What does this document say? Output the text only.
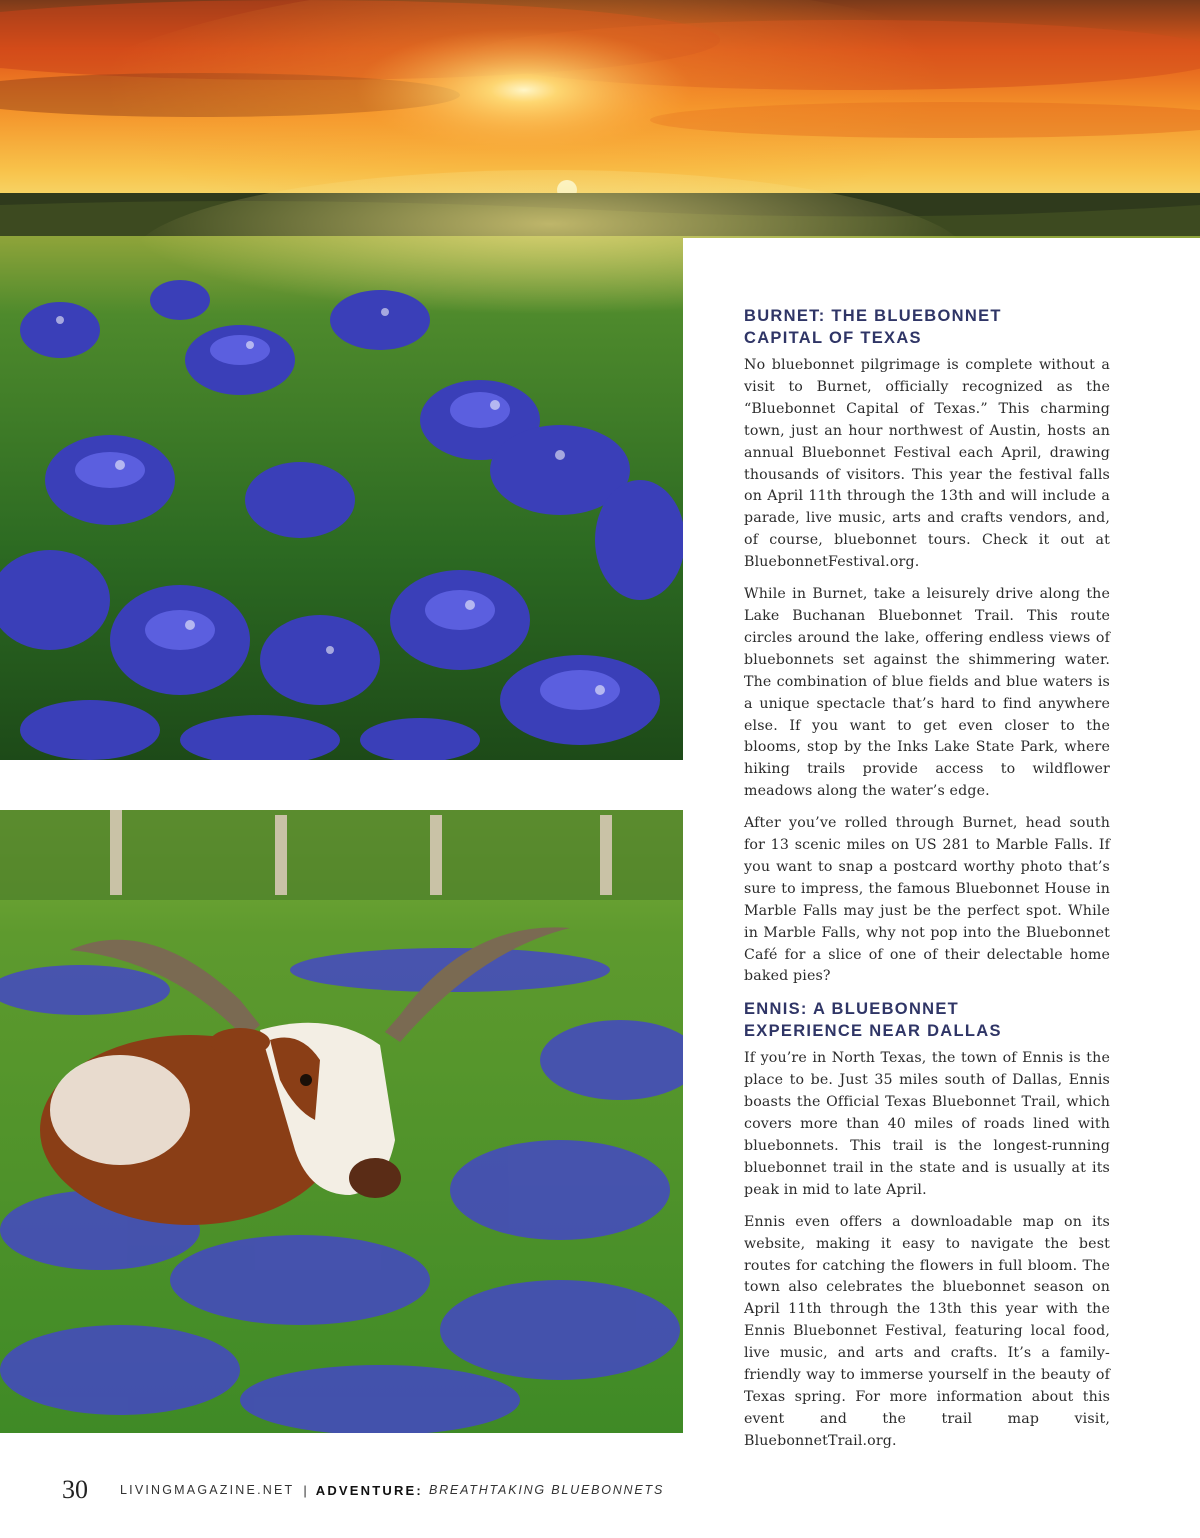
BURNET: THE BLUEBONNET
CAPITAL OF TEXAS

No bluebonnet pilgrimage is complete without a visit to Burnet, officially recognized as the “Bluebonnet Capital of Texas.” This charming town, just an hour northwest of Austin, hosts an annual Bluebonnet Festival each April, drawing thousands of visitors. This year the festival falls on April 11th through the 13th and will include a parade, live music, arts and crafts vendors, and, of course, bluebonnet tours. Check it out at BluebonnetFestival.org.

While in Burnet, take a leisurely drive along the Lake Buchanan Bluebonnet Trail. This route circles around the lake, offering endless views of bluebonnets set against the shimmering water. The combination of blue fields and blue waters is a unique spectacle that’s hard to find anywhere else. If you want to get even closer to the blooms, stop by the Inks Lake State Park, where hiking trails provide access to wildflower meadows along the water’s edge.

After you’ve rolled through Burnet, head south for 13 scenic miles on US 281 to Marble Falls. If you want to snap a postcard worthy photo that’s sure to impress, the famous Bluebonnet House in Marble Falls may just be the perfect spot. While in Marble Falls, why not pop into the Bluebonnet Café for a slice of one of their delectable home baked pies?

ENNIS: A BLUEBONNET
EXPERIENCE NEAR DALLAS

If you’re in North Texas, the town of Ennis is the place to be. Just 35 miles south of Dallas, Ennis boasts the Official Texas Bluebonnet Trail, which covers more than 40 miles of roads lined with bluebonnets. This trail is the longest-running bluebonnet trail in the state and is usually at its peak in mid to late April.

Ennis even offers a downloadable map on its website, making it easy to navigate the best routes for catching the flowers in full bloom. The town also celebrates the bluebonnet season on April 11th through the 13th this year with the Ennis Bluebonnet Festival, featuring local food, live music, and arts and crafts. It’s a family-friendly way to immerse yourself in the beauty of Texas spring. For more information about this event and the trail map visit, BluebonnetTrail.org.

30	LIVINGMAGAZINE.NET | ADVENTURE: BREATHTAKING BLUEBONNETS
